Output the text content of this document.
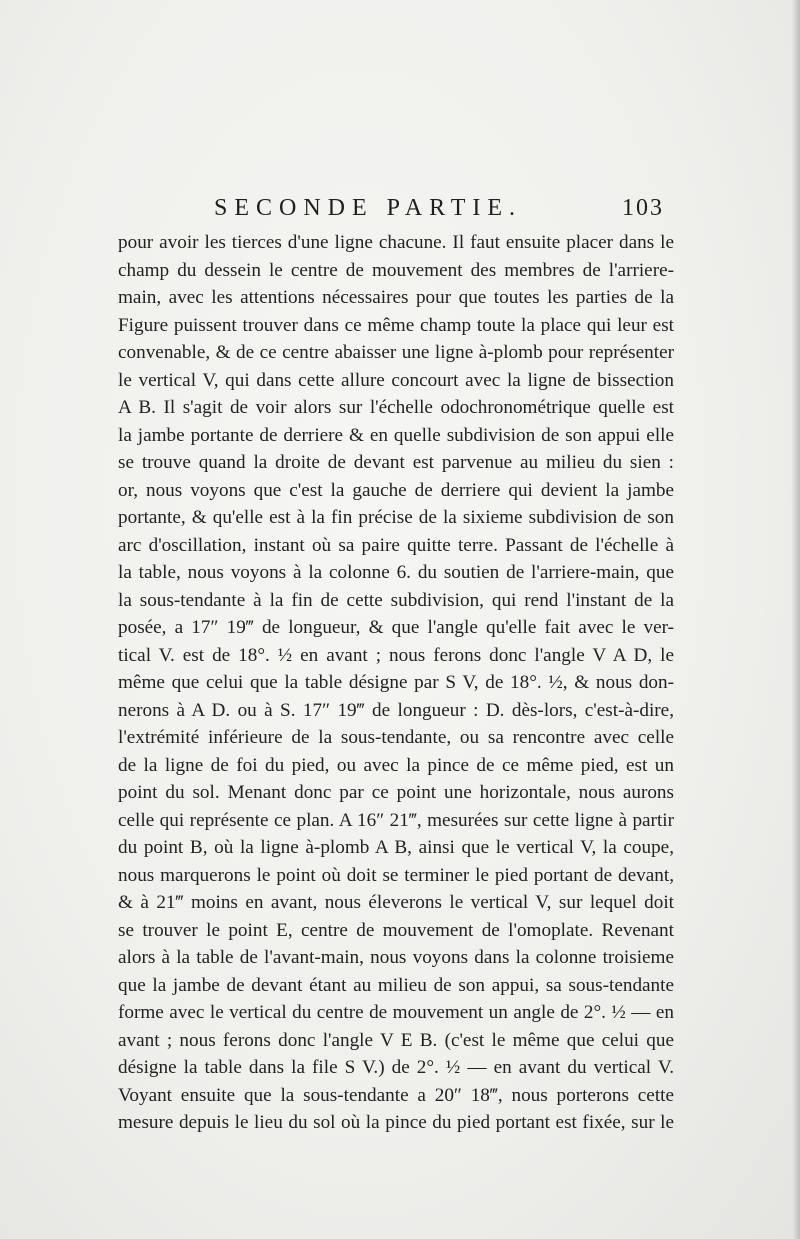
SECONDE PARTIE.	103
pour avoir les tierces d'une ligne chacune. Il faut ensuite placer dans le
champ du dessein le centre de mouvement des membres de l'arriere-
main, avec les attentions nécessaires pour que toutes les parties de la
Figure puissent trouver dans ce même champ toute la place qui leur est
convenable, & de ce centre abaisser une ligne à-plomb pour représenter
le vertical V, qui dans cette allure concourt avec la ligne de bissection
A B. Il s'agit de voir alors sur l'échelle odochronométrique quelle est
la jambe portante de derriere & en quelle subdivision de son appui elle
se trouve quand la droite de devant est parvenue au milieu du sien :
or, nous voyons que c'est la gauche de derriere qui devient la jambe
portante, & qu'elle est à la fin précise de la sixieme subdivision de son
arc d'oscillation, instant où sa paire quitte terre. Passant de l'échelle à
la table, nous voyons à la colonne 6. du soutien de l'arriere-main, que
la sous-tendante à la fin de cette subdivision, qui rend l'instant de la
posée, a 17″ 19‴ de longueur, & que l'angle qu'elle fait avec le ver-
tical V. est de 18°. ½ en avant ; nous ferons donc l'angle V A D, le
même que celui que la table désigne par S V, de 18°. ½, & nous don-
nerons à A D. ou à S. 17″ 19‴ de longueur : D. dès-lors, c'est-à-dire,
l'extrémité inférieure de la sous-tendante, ou sa rencontre avec celle
de la ligne de foi du pied, ou avec la pince de ce même pied, est un
point du sol. Menant donc par ce point une horizontale, nous aurons
celle qui représente ce plan. A 16″ 21‴, mesurées sur cette ligne à partir
du point B, où la ligne à-plomb A B, ainsi que le vertical V, la coupe,
nous marquerons le point où doit se terminer le pied portant de devant,
& à 21‴ moins en avant, nous éleverons le vertical V, sur lequel doit
se trouver le point E, centre de mouvement de l'omoplate. Revenant
alors à la table de l'avant-main, nous voyons dans la colonne troisieme
que la jambe de devant étant au milieu de son appui, sa sous-tendante
forme avec le vertical du centre de mouvement un angle de 2°. ½ — en
avant ; nous ferons donc l'angle V E B. (c'est le même que celui que
désigne la table dans la file S V.) de 2°. ½ — en avant du vertical V.
Voyant ensuite que la sous-tendante a 20″ 18‴, nous porterons cette
mesure depuis le lieu du sol où la pince du pied portant est fixée, sur le
